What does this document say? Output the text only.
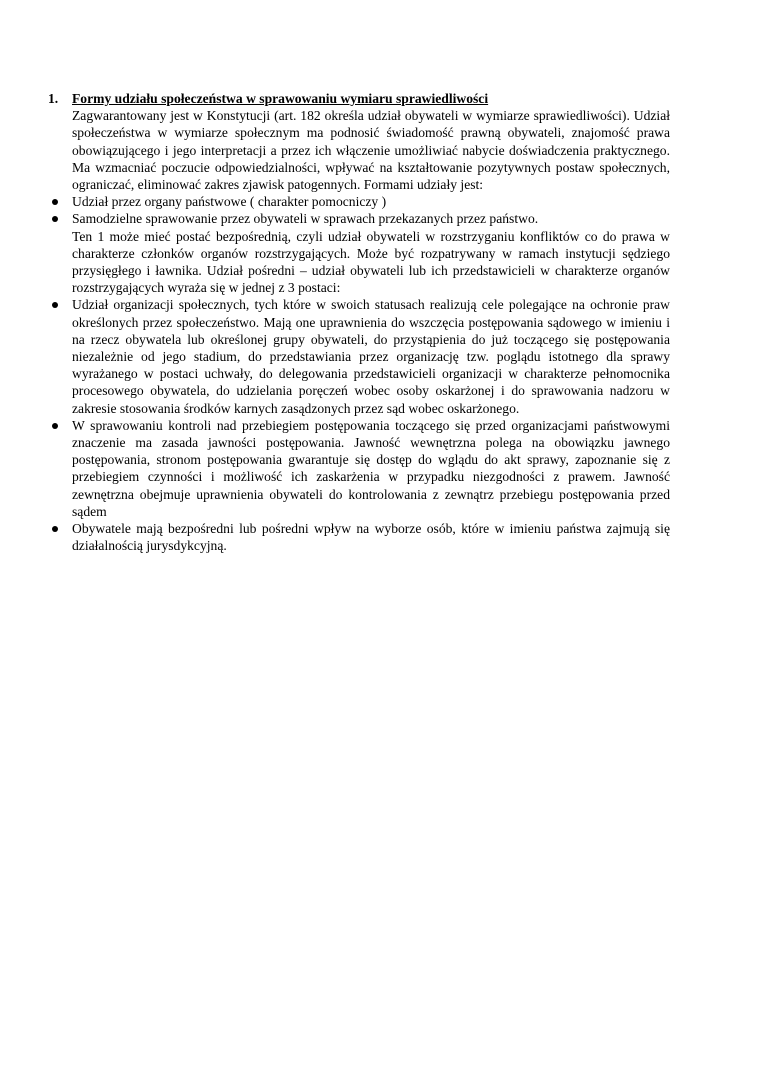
1. Formy udziału społeczeństwa w sprawowaniu wymiaru sprawiedliwości

Zagwarantowany jest w Konstytucji (art. 182 określa udział obywateli w wymiarze sprawiedliwości). Udział społeczeństwa w wymiarze społecznym ma podnosić świadomość prawną obywateli, znajomość prawa obowiązującego i jego interpretacji a przez ich włączenie umożliwiać nabycie doświadczenia praktycznego. Ma wzmacniać poczucie odpowiedzialności, wpływać na kształtowanie pozytywnych postaw społecznych, ograniczać, eliminować zakres zjawisk patogennych. Formami udziały jest:

Udział przez organy państwowe ( charakter pomocniczy )

Samodzielne sprawowanie przez obywateli w sprawach przekazanych przez państwo.

Ten 1 może mieć postać bezpośrednią, czyli udział obywateli w rozstrzyganiu konfliktów co do prawa w charakterze członków organów rozstrzygających. Może być rozpatrywany w ramach instytucji sędziego przysięgłego i ławnika. Udział pośredni – udział obywateli lub ich przedstawicieli w charakterze organów rozstrzygających wyraża się w jednej z 3 postaci:

Udział organizacji społecznych, tych które w swoich statusach realizują cele polegające na ochronie praw określonych przez społeczeństwo. Mają one uprawnienia do wszczęcia postępowania sądowego w imieniu i na rzecz obywatela lub określonej grupy obywateli, do przystąpienia do już toczącego się postępowania niezależnie od jego stadium, do przedstawiania przez organizację tzw. poglądu istotnego dla sprawy wyrażanego w postaci uchwały, do delegowania przedstawicieli organizacji w charakterze pełnomocnika procesowego obywatela, do udzielania poręczeń wobec osoby oskarżonej i do sprawowania nadzoru w zakresie stosowania środków karnych zasądzonych przez sąd wobec oskarżonego.

W sprawowaniu kontroli nad przebiegiem postępowania toczącego się przed organizacjami państwowymi znaczenie ma zasada jawności postępowania. Jawność wewnętrzna polega na obowiązku jawnego postępowania, stronom postępowania gwarantuje się dostęp do wglądu do akt sprawy, zapoznanie się z przebiegiem czynności i możliwość ich zaskarżenia w przypadku niezgodności z prawem. Jawność zewnętrzna obejmuje uprawnienia obywateli do kontrolowania z zewnątrz przebiegu postępowania przed sądem

Obywatele mają bezpośredni lub pośredni wpływ na wyborze osób, które w imieniu państwa zajmują się działalnością jurysdykcyjną.
